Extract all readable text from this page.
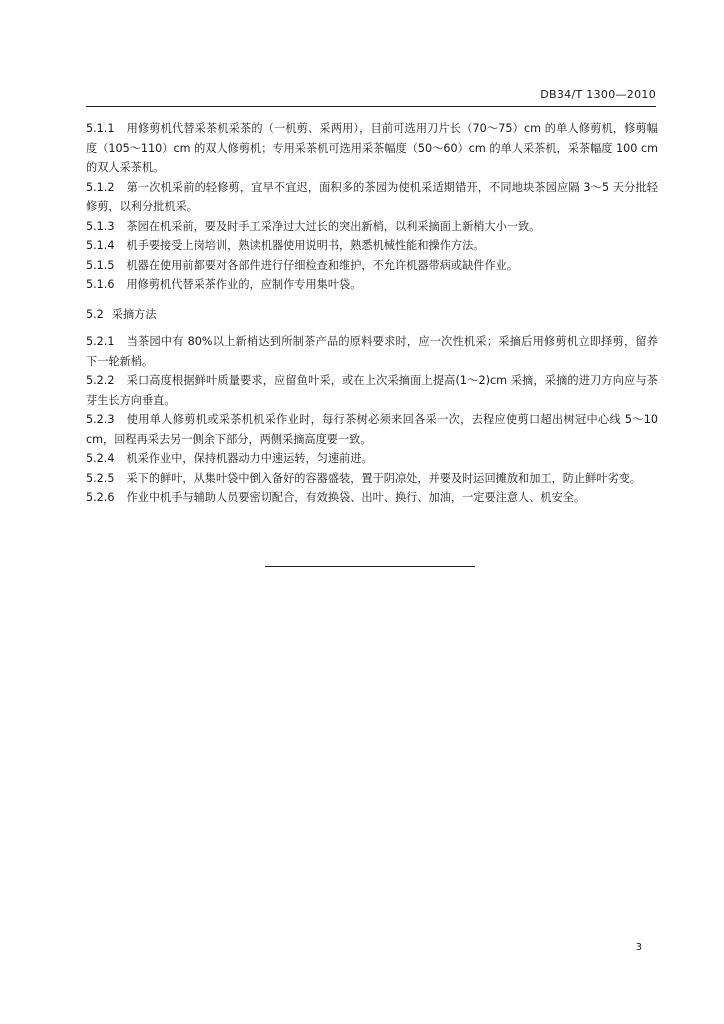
DB34/T 1300—2010

5.1.1 用修剪机代替采茶机采茶的（一机剪、采两用），目前可选用刀片长（70～75）cm 的单人修剪机，修剪幅度（105～110）cm 的双人修剪机；专用采茶机可选用采茶幅度（50～60）cm 的单人采茶机，采茶幅度 100 cm 的双人采茶机。

5.1.2 第一次机采前的轻修剪，宜早不宜迟，面积多的茶园为使机采适期错开，不同地块茶园应隔 3～5 天分批轻修剪，以利分批机采。

5.1.3 茶园在机采前，要及时手工采净过大过长的突出新梢，以利采摘面上新梢大小一致。

5.1.4 机手要接受上岗培训，熟读机器使用说明书，熟悉机械性能和操作方法。

5.1.5 机器在使用前都要对各部件进行仔细检查和维护，不允许机器带病或缺件作业。

5.1.6 用修剪机代替采茶作业的，应制作专用集叶袋。

5.2 采摘方法

5.2.1 当茶园中有 80%以上新梢达到所制茶产品的原料要求时，应一次性机采；采摘后用修剪机立即择剪，留养下一轮新梢。

5.2.2 采口高度根据鲜叶质量要求，应留鱼叶采，或在上次采摘面上提高(1～2)cm 采摘，采摘的进刀方向应与茶芽生长方向垂直。

5.2.3 使用单人修剪机或采茶机机采作业时，每行茶树必须来回各采一次，去程应使剪口超出树冠中心线 5～10 cm，回程再采去另一侧余下部分，两侧采摘高度要一致。

5.2.4 机采作业中，保持机器动力中速运转，匀速前进。

5.2.5 采下的鲜叶，从集叶袋中倒入备好的容器盛装，置于阴凉处，并要及时运回摊放和加工，防止鲜叶劣变。

5.2.6 作业中机手与辅助人员要密切配合，有效换袋、出叶、换行、加油，一定要注意人、机安全。

3
